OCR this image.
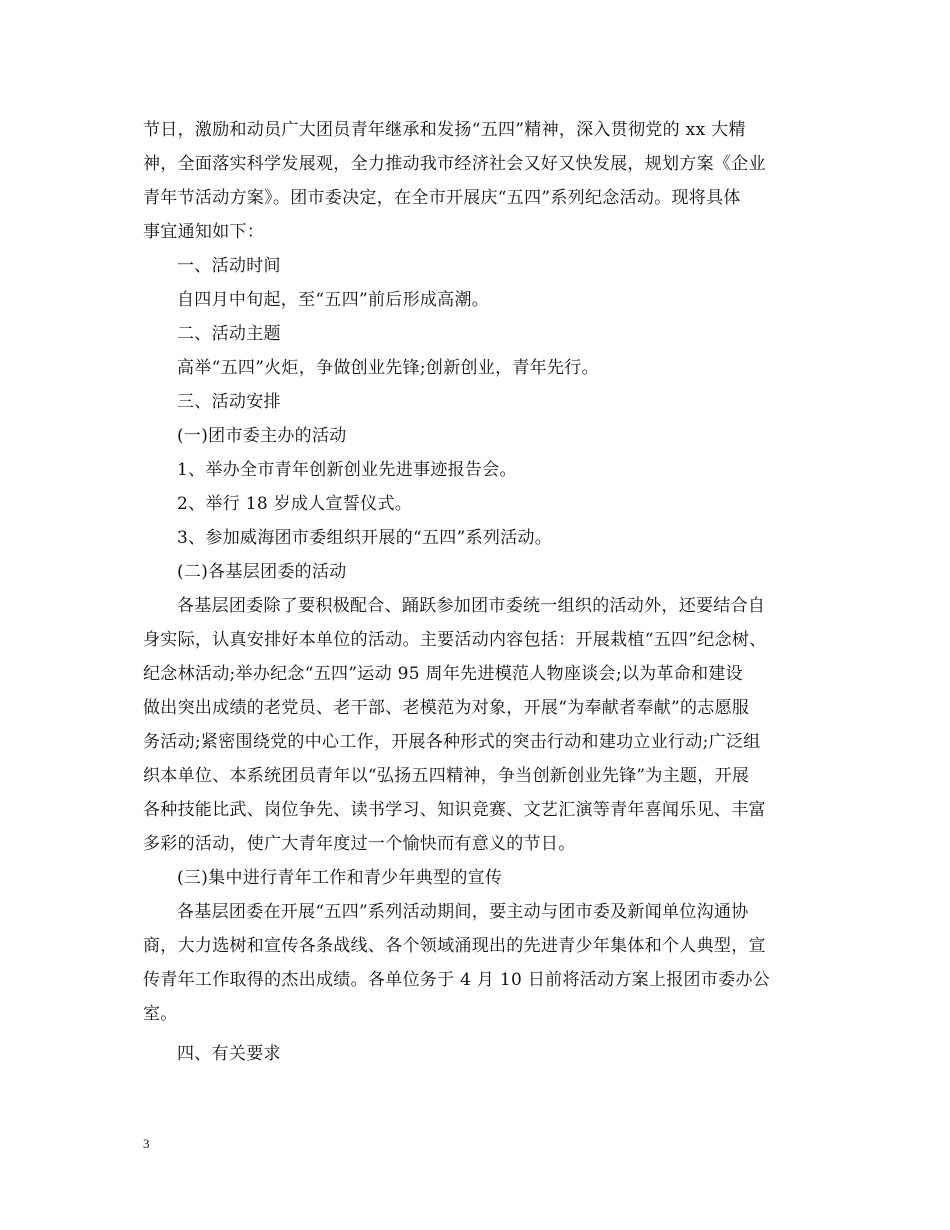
节日，激励和动员广大团员青年继承和发扬“五四”精神，深入贯彻党的 xx 大精
神，全面落实科学发展观，全力推动我市经济社会又好又快发展，规划方案《企业
青年节活动方案》。团市委决定，在全市开展庆“五四”系列纪念活动。现将具体
事宜通知如下：
一、活动时间
自四月中旬起，至“五四”前后形成高潮。
二、活动主题
高举“五四”火炬，争做创业先锋;创新创业，青年先行。
三、活动安排
(一)团市委主办的活动
1、举办全市青年创新创业先进事迹报告会。
2、举行 18 岁成人宣誓仪式。
3、参加威海团市委组织开展的“五四”系列活动。
(二)各基层团委的活动
各基层团委除了要积极配合、踊跃参加团市委统一组织的活动外，还要结合自
身实际，认真安排好本单位的活动。主要活动内容包括：开展栽植“五四”纪念树、
纪念林活动;举办纪念“五四”运动 95 周年先进模范人物座谈会;以为革命和建设
做出突出成绩的老党员、老干部、老模范为对象，开展“为奉献者奉献”的志愿服
务活动;紧密围绕党的中心工作，开展各种形式的突击行动和建功立业行动;广泛组
织本单位、本系统团员青年以“弘扬五四精神，争当创新创业先锋”为主题，开展
各种技能比武、岗位争先、读书学习、知识竞赛、文艺汇演等青年喜闻乐见、丰富
多彩的活动，使广大青年度过一个愉快而有意义的节日。
(三)集中进行青年工作和青少年典型的宣传
各基层团委在开展“五四”系列活动期间，要主动与团市委及新闻单位沟通协
商，大力选树和宣传各条战线、各个领域涌现出的先进青少年集体和个人典型，宣
传青年工作取得的杰出成绩。各单位务于 4 月 10 日前将活动方案上报团市委办公
室。
四、有关要求
3
